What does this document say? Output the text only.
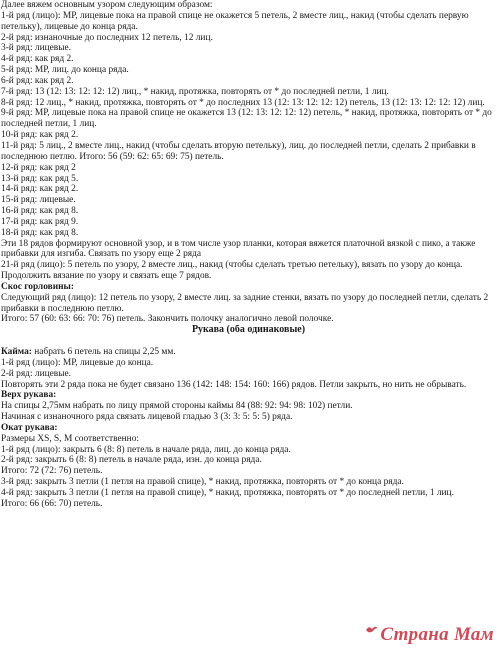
Далее вяжем основным узором следующим образом:
1-й ряд (лицо): МР, лицевые пока на правой спице не окажется 5 петель, 2 вместе лиц., накид (чтобы сделать первую петельку), лицевые до конца ряда.
2-й ряд: изнаночные до последних 12 петель, 12 лиц.
3-й ряд: лицевые.
4-й ряд: как ряд 2.
5-й ряд: МР, лиц. до конца ряда.
6-й ряд: как ряд 2.
7-й ряд: 13 (12: 13: 12: 12: 12) лиц., * накид, протяжка, повторять от * до последней петли, 1 лиц.
8-й ряд: 12 лиц., * накид, протяжка, повторять от * до последних 13 (12: 13: 12: 12: 12) петель, 13 (12: 13: 12: 12: 12) лиц.
9-й ряд: МР, лицевые пока на правой спице не окажется 13 (12: 13: 12: 12: 12) петель, * накид, протяжка, повторять от * до последней петли, 1 лиц.
10-й ряд: как ряд 2.
11-й ряд: 5 лиц., 2 вместе лиц., накид (чтобы сделать вторую петельку), лиц. до последней петли, сделать 2 прибавки в последнюю петлю. Итого: 56 (59: 62: 65: 69: 75) петель.
12-й ряд: как ряд 2
13-й ряд: как ряд 5.
14-й ряд: как ряд 2.
15-й ряд: лицевые.
16-й ряд: как ряд 8.
17-й ряд: как ряд 9.
18-й ряд: как ряд 8.
Эти 18 рядов формируют основной узор, и в том числе узор планки, которая вяжется платочной вязкой с пико, а также прибавки для изгиба. Связать по узору еще 2 ряда
21-й ряд (лицо): 5 петель по узору, 2 вместе лиц., накид (чтобы сделать третью петельку), вязать по узору до конца.
Продолжить вязание по узору и связать еще 7 рядов.
Скос горловины:
Следующий ряд (лицо): 12 петель по узору, 2 вместе лиц. за задние стенки, вязать по узору до последней петли, сделать 2 прибавки в последнюю петлю.
Итого: 57 (60: 63: 66: 70: 76) петель. Закончить полочку аналогично левой полочке.
Рукава (оба одинаковые)
Кайма: набрать 6 петель на спицы 2,25 мм.
1-й ряд (лицо): МР, лицевые до конца.
2-й ряд: лицевые.
Повторять эти 2 ряда пока не будет связано 136 (142: 148: 154: 160: 166) рядов. Петли закрыть, но нить не обрывать.
Верх рукава:
На спицы 2,75мм набрать по лицу прямой стороны каймы 84 (88: 92: 94: 98: 102) петли.
Начиная с изнаночного ряда связать лицевой гладью 3 (3: 3: 5: 5: 5) ряда.
Окат рукава:
Размеры XS, S, M соответственно:
1-й ряд (лицо): закрыть 6 (8: 8) петель в начале ряда, лиц. до конца ряда.
2-й ряд: закрыть 6 (8: 8) петель в начале ряда, изн. до конца ряда.
Итого: 72 (72: 76) петель.
3-й ряд: закрыть 3 петли (1 петля на правой спице), * накид, протяжка, повторять от * до конца ряда.
4-й ряд: закрыть 3 петли (1 петля на правой спице), * накид, протяжка, повторять от * до последней петли, 1 лиц.
Итого: 66 (66: 70) петель.
Страна Мам
